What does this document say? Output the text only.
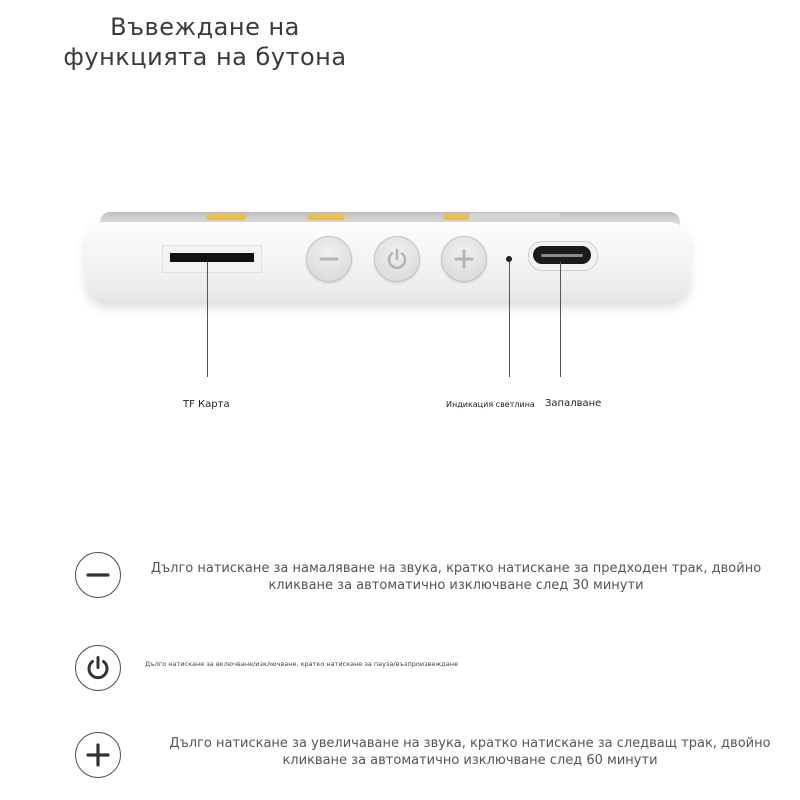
Въвеждане на
функцията на бутона
TF Карта	Индикация светлина Запалване
Дълго натискане за намаляване на звука, кратко натискане за предходен трак, двойно
кликване за автоматично изключване след 30 минути
Дълго натискане за включване/изключване, кратко натискане за пауза/възпроизвеждане
Дълго натискане за увеличаване на звука, кратко натискане за следващ трак, двойно
кликване за автоматично изключване след 60 минути
